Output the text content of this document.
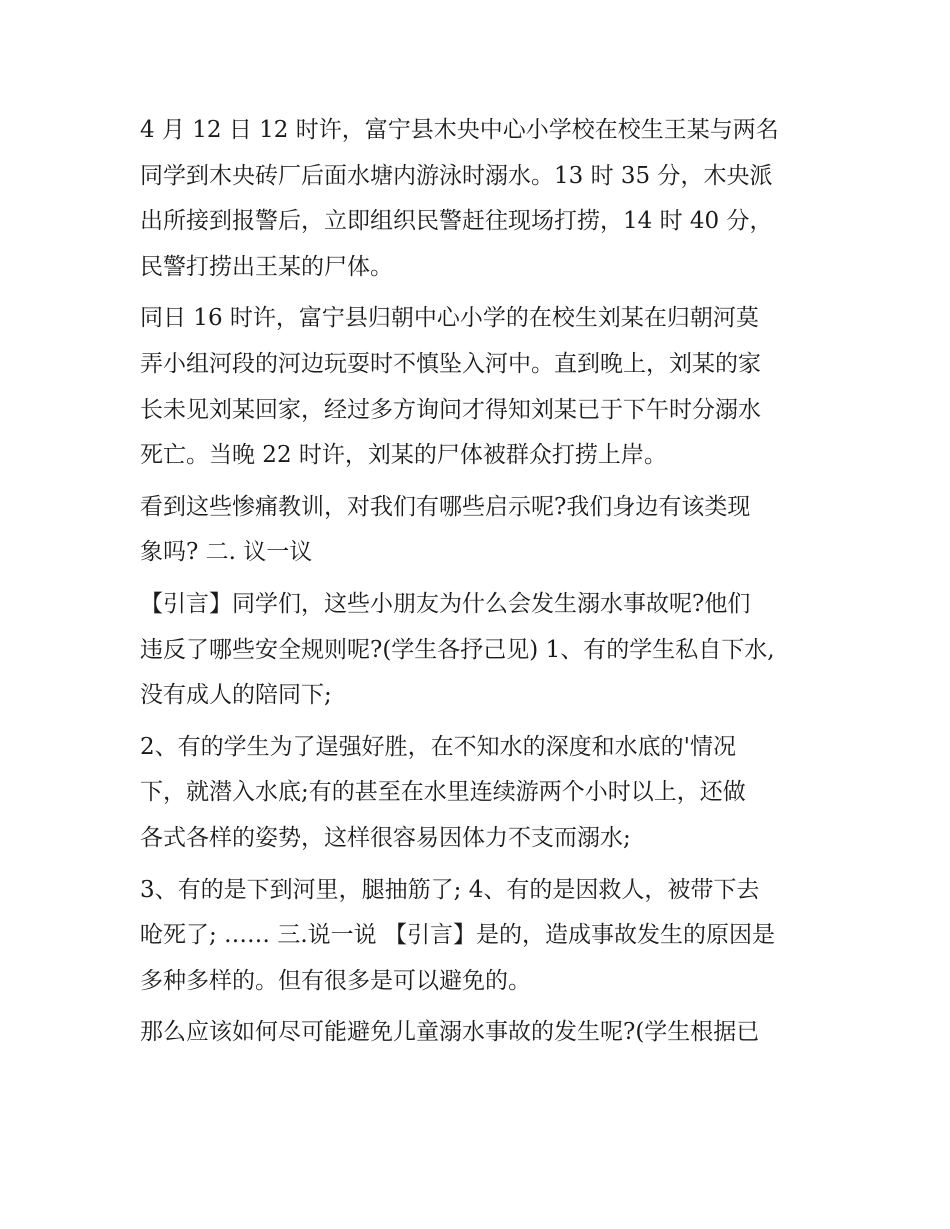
4 月 12 日 12 时许，富宁县木央中心小学校在校生王某与两名
同学到木央砖厂后面水塘内游泳时溺水。13 时 35 分，木央派
出所接到报警后，立即组织民警赶往现场打捞，14 时 40 分，
民警打捞出王某的尸体。
同日 16 时许，富宁县归朝中心小学的在校生刘某在归朝河莫
弄小组河段的河边玩耍时不慎坠入河中。直到晚上，刘某的家
长未见刘某回家，经过多方询问才得知刘某已于下午时分溺水
死亡。当晚 22 时许，刘某的尸体被群众打捞上岸。
看到这些惨痛教训，对我们有哪些启示呢?我们身边有该类现
象吗? 二. 议一议
【引言】同学们，这些小朋友为什么会发生溺水事故呢?他们
违反了哪些安全规则呢?(学生各抒己见) 1、有的学生私自下水,
没有成人的陪同下;
2、有的学生为了逞强好胜，在不知水的深度和水底的'情况
下，就潜入水底;有的甚至在水里连续游两个小时以上，还做
各式各样的姿势，这样很容易因体力不支而溺水;
3、有的是下到河里，腿抽筋了; 4、有的是因救人，被带下去
呛死了; …… 三.说一说 【引言】是的，造成事故发生的原因是
多种多样的。但有很多是可以避免的。
那么应该如何尽可能避免儿童溺水事故的发生呢?(学生根据已
